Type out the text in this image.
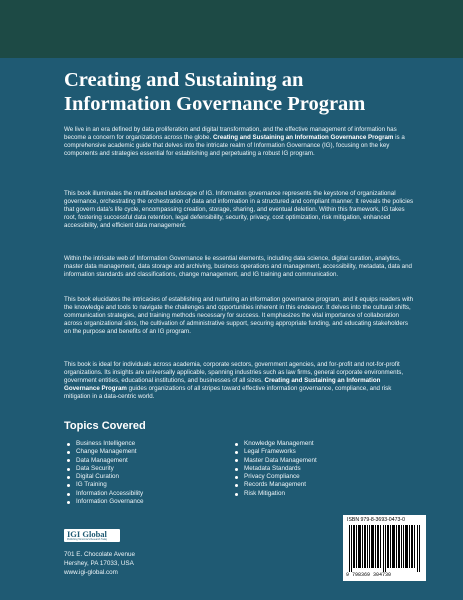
Creating and Sustaining an
Information Governance Program

We live in an era defined by data proliferation and digital transformation, and the effective management of information has become a concern for organizations across the globe. Creating and Sustaining an Information Governance Program is a comprehensive academic guide that delves into the intricate realm of Information Governance (IG), focusing on the key components and strategies essential for establishing and perpetuating a robust IG program.

This book illuminates the multifaceted landscape of IG. Information governance represents the keystone of organizational governance, orchestrating the orchestration of data and information in a structured and compliant manner. It reveals the policies that govern data's life cycle, encompassing creation, storage, sharing, and eventual deletion. Within this framework, IG takes root, fostering successful data retention, legal defensibility, security, privacy, cost optimization, risk mitigation, enhanced accessibility, and efficient data management.

Within the intricate web of Information Governance lie essential elements, including data science, digital curation, analytics, master data management, data storage and archiving, business operations and management, accessibility, metadata, data and information standards and classifications, change management, and IG training and communication.

This book elucidates the intricacies of establishing and nurturing an information governance program, and it equips readers with the knowledge and tools to navigate the challenges and opportunities inherent in this endeavor. It delves into the cultural shifts, communication strategies, and training methods necessary for success. It emphasizes the vital importance of collaboration across organizational silos, the cultivation of administrative support, securing appropriate funding, and educating stakeholders on the purpose and benefits of an IG program.

This book is ideal for individuals across academia, corporate sectors, government agencies, and for-profit and not-for-profit organizations. Its insights are universally applicable, spanning industries such as law firms, general corporate environments, government entities, educational institutions, and businesses of all sizes. Creating and Sustaining an Information Governance Program guides organizations of all stripes toward effective information governance, compliance, and risk mitigation in a data-centric world.

Topics Covered
Business Intelligence
Change Management
Data Management
Data Security
Digital Curation
IG Training
Information Accessibility
Information Governance
Knowledge Management
Legal Frameworks
Master Data Management
Metadata Standards
Privacy Compliance
Records Management
Risk Mitigation
IGI Global
Publishing Tomorrow's Research Today
701 E. Chocolate Avenue
Hershey, PA 17033, USA
www.igi-global.com
ISBN 979-8-3693-0473-0
9 798369 304730
